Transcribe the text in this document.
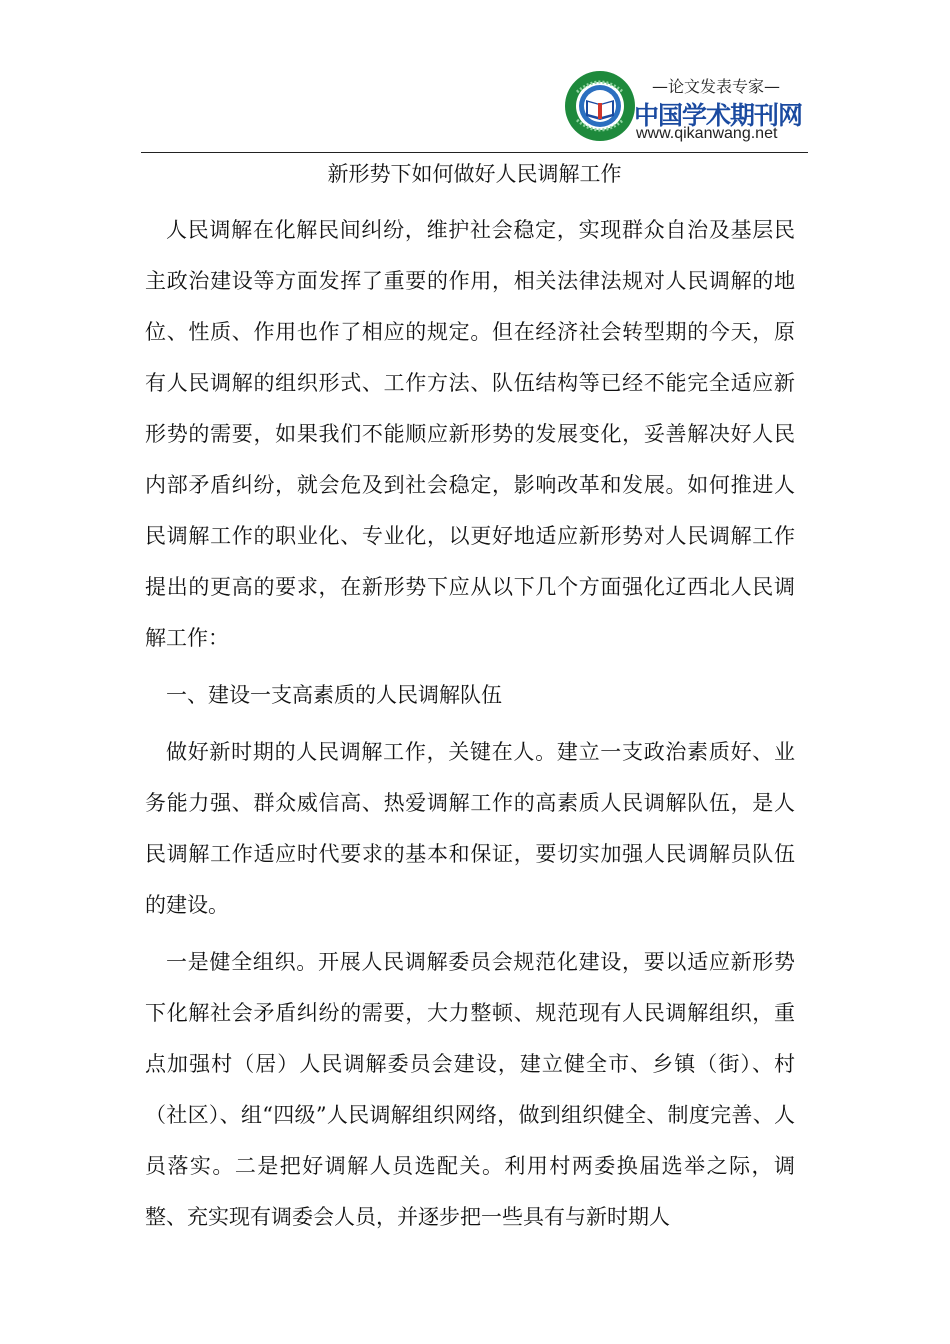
—论文发表专家—
中国学术期刊网
www.qikanwang.net
新形势下如何做好人民调解工作

人民调解在化解民间纠纷，维护社会稳定，实现群众自治及基层民主政治建设等方面发挥了重要的作用，相关法律法规对人民调解的地位、性质、作用也作了相应的规定。但在经济社会转型期的今天，原有人民调解的组织形式、工作方法、队伍结构等已经不能完全适应新形势的需要，如果我们不能顺应新形势的发展变化，妥善解决好人民内部矛盾纠纷，就会危及到社会稳定，影响改革和发展。如何推进人民调解工作的职业化、专业化，以更好地适应新形势对人民调解工作提出的更高的要求，在新形势下应从以下几个方面强化辽西北人民调解工作：

一、建设一支高素质的人民调解队伍

做好新时期的人民调解工作，关键在人。建立一支政治素质好、业务能力强、群众威信高、热爱调解工作的高素质人民调解队伍，是人民调解工作适应时代要求的基本和保证，要切实加强人民调解员队伍的建设。

一是健全组织。开展人民调解委员会规范化建设，要以适应新形势下化解社会矛盾纠纷的需要，大力整顿、规范现有人民调解组织，重点加强村（居）人民调解委员会建设，建立健全市、乡镇（街）、村（社区）、组“四级”人民调解组织网络，做到组织健全、制度完善、人员落实。二是把好调解人员选配关。利用村两委换届选举之际，调整、充实现有调委会人员，并逐步把一些具有与新时期人
